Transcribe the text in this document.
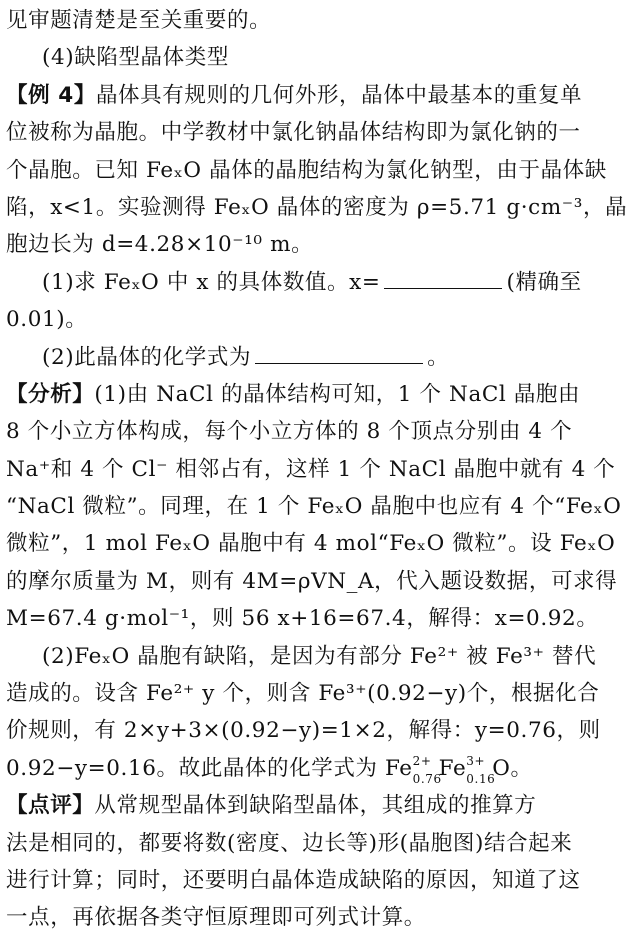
见审题清楚是至关重要的。
(4)缺陷型晶体类型
【例 4】晶体具有规则的几何外形，晶体中最基本的重复单
位被称为晶胞。中学教材中氯化钠晶体结构即为氯化钠的一
个晶胞。已知 FeₓO 晶体的晶胞结构为氯化钠型，由于晶体缺
陷，x<1。实验测得 FeₓO 晶体的密度为 ρ=5.71 g·cm⁻³，晶
胞边长为 d=4.28×10⁻¹⁰ m。
(1)求 FeₓO 中 x 的具体数值。x=	(精确至
0.01)。
(2)此晶体的化学式为	。
【分析】(1)由 NaCl 的晶体结构可知，1 个 NaCl 晶胞由
8 个小立方体构成，每个小立方体的 8 个顶点分别由 4 个
Na⁺和 4 个 Cl⁻ 相邻占有，这样 1 个 NaCl 晶胞中就有 4 个
“NaCl 微粒”。同理，在 1 个 FeₓO 晶胞中也应有 4 个“FeₓO
微粒”，1 mol FeₓO 晶胞中有 4 mol“FeₓO 微粒”。设 FeₓO
的摩尔质量为 M，则有 4M=ρVN_A，代入题设数据，可求得
M=67.4 g·mol⁻¹，则 56 x+16=67.4，解得：x=0.92。
(2)FeₓO 晶胞有缺陷，是因为有部分 Fe²⁺ 被 Fe³⁺ 替代
造成的。设含 Fe²⁺ y 个，则含 Fe³⁺(0.92−y)个，根据化合
价规则，有 2×y+3×(0.92−y)=1×2，解得：y=0.76，则
0.92−y=0.16。故此晶体的化学式为 Fe 2+
0.76
Fe 3+
0.16
O。
【点评】从常规型晶体到缺陷型晶体，其组成的推算方
法是相同的，都要将数(密度、边长等)形(晶胞图)结合起来
进行计算；同时，还要明白晶体造成缺陷的原因，知道了这
一点，再依据各类守恒原理即可列式计算。
